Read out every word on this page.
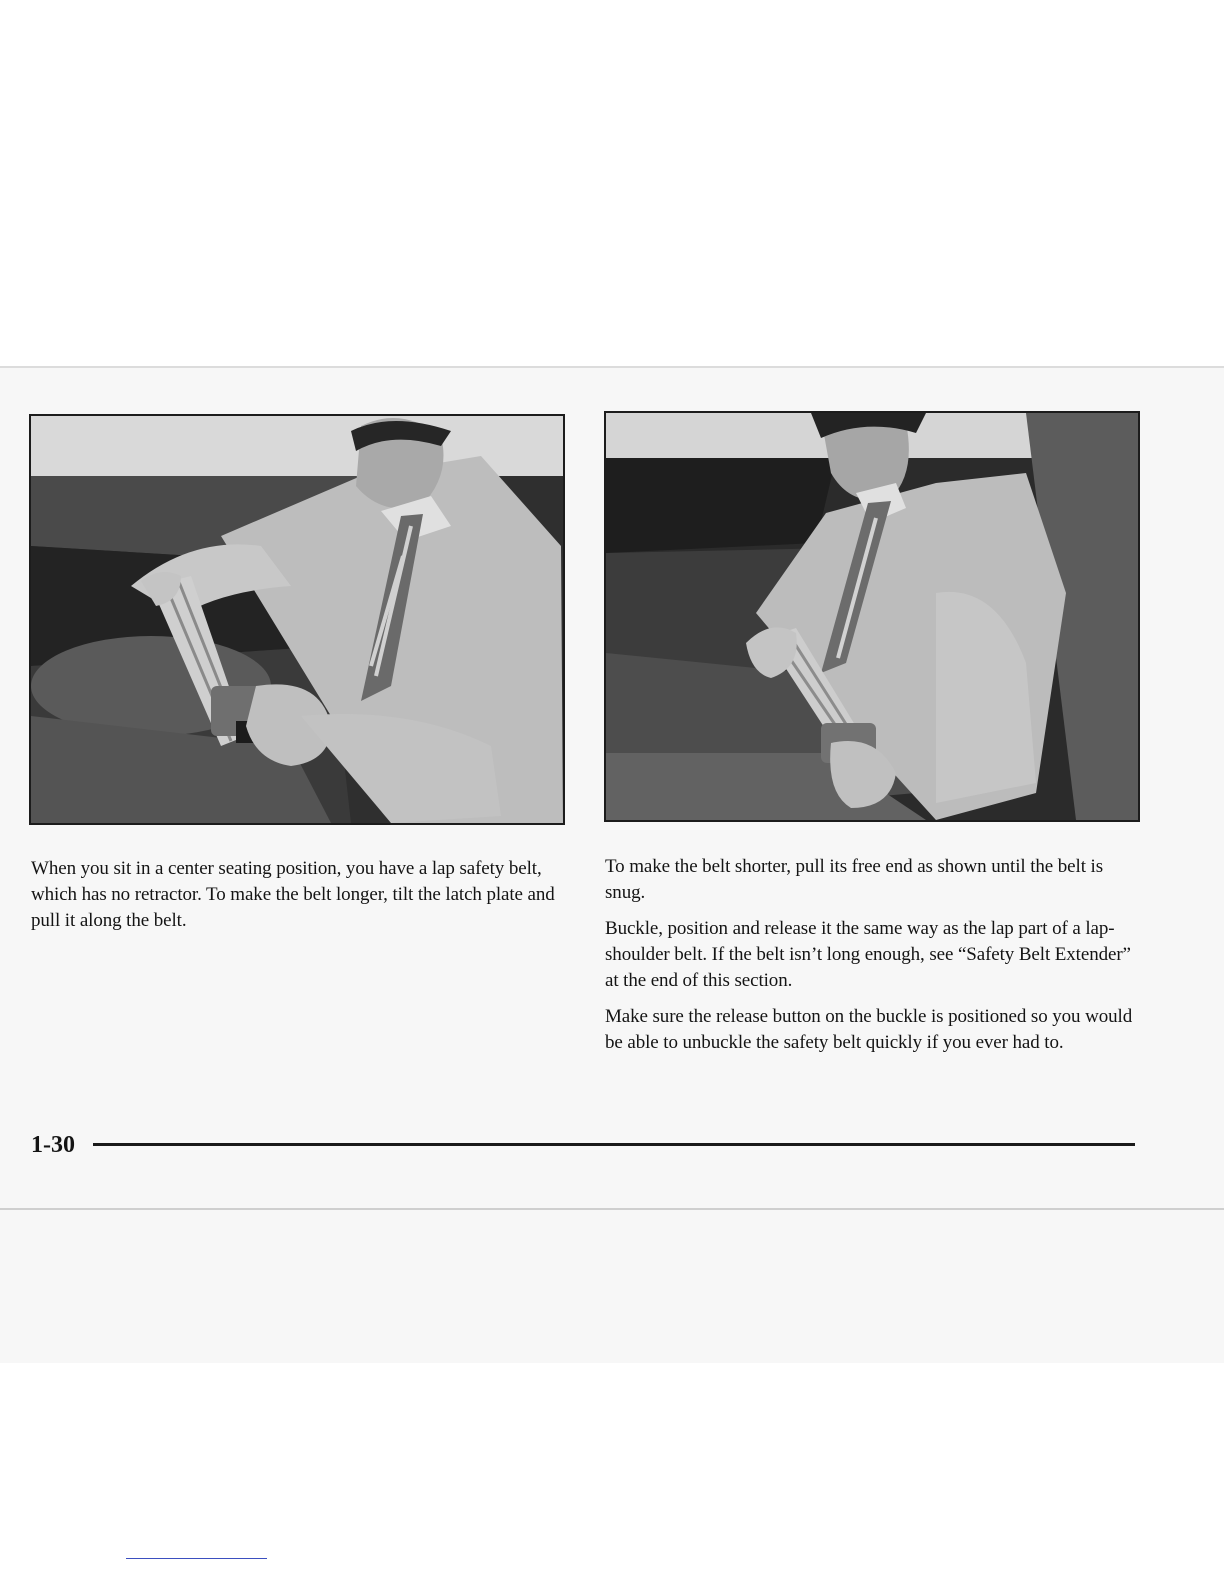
When you sit in a center seating position, you have a lap safety belt, which has no retractor. To make the belt longer, tilt the latch plate and pull it along the belt.

To make the belt shorter, pull its free end as shown until the belt is snug.

Buckle, position and release it the same way as the lap part of a lap-shoulder belt. If the belt isn’t long enough, see “Safety Belt Extender” at the end of this section.

Make sure the release button on the buckle is positioned so you would be able to unbuckle the safety belt quickly if you ever had to.

1-30
